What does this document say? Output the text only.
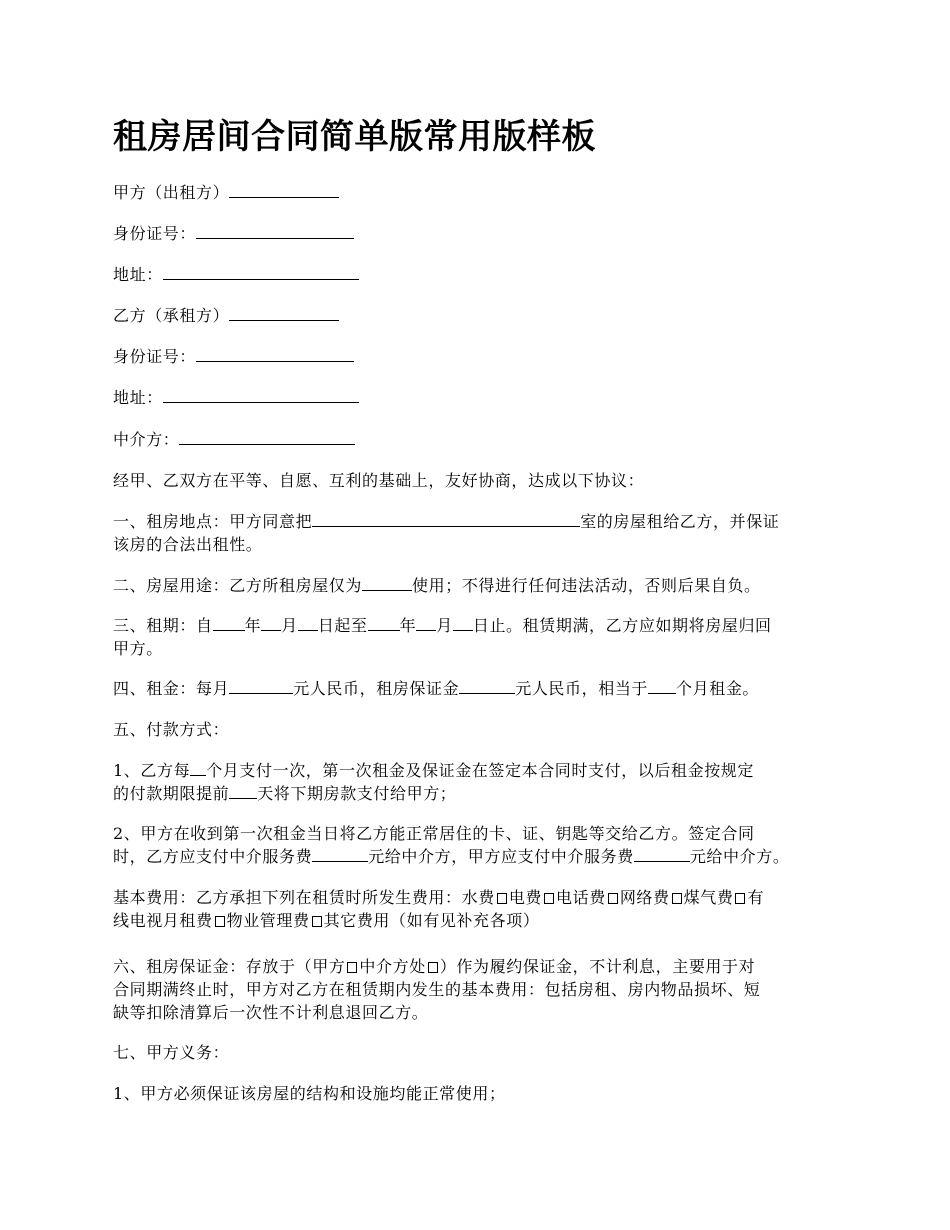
租房居间合同简单版常用版样板

甲方（出租方）

身份证号：

地址：

乙方（承租方）

身份证号：

地址：

中介方：

经甲、乙双方在平等、自愿、互利的基础上，友好协商，达成以下协议：

一、租房地点：甲方同意把	室的房屋租给乙方，并保证
该房的合法出租性。

二、房屋用途：乙方所租房屋仅为	使用；不得进行任何违法活动，否则后果自负。

三、租期：自 年 月 日起至 年 月 日止。租赁期满，乙方应如期将房屋归回
甲方。

四、租金：每月	元人民币，租房保证金	元人民币，相当于 个月租金。

五、付款方式：

1、乙方每 个月支付一次，第一次租金及保证金在签定本合同时支付，以后租金按规定
的付款期限提前 天将下期房款支付给甲方；

2、甲方在收到第一次租金当日将乙方能正常居住的卡、证、钥匙等交给乙方。签定合同
时，乙方应支付中介服务费	元给中介方，甲方应支付中介服务费	元给中介方。

基本费用：乙方承担下列在租赁时所发生费用：水费 电费 电话费 网络费 煤气费 有
线电视月租费 物业管理费 其它费用（如有见补充各项）

六、租房保证金：存放于（甲方 中介方处 ）作为履约保证金，不计利息，主要用于对
合同期满终止时，甲方对乙方在租赁期内发生的基本费用：包括房租、房内物品损坏、短
缺等扣除清算后一次性不计利息退回乙方。

七、甲方义务：

1、甲方必须保证该房屋的结构和设施均能正常使用；
